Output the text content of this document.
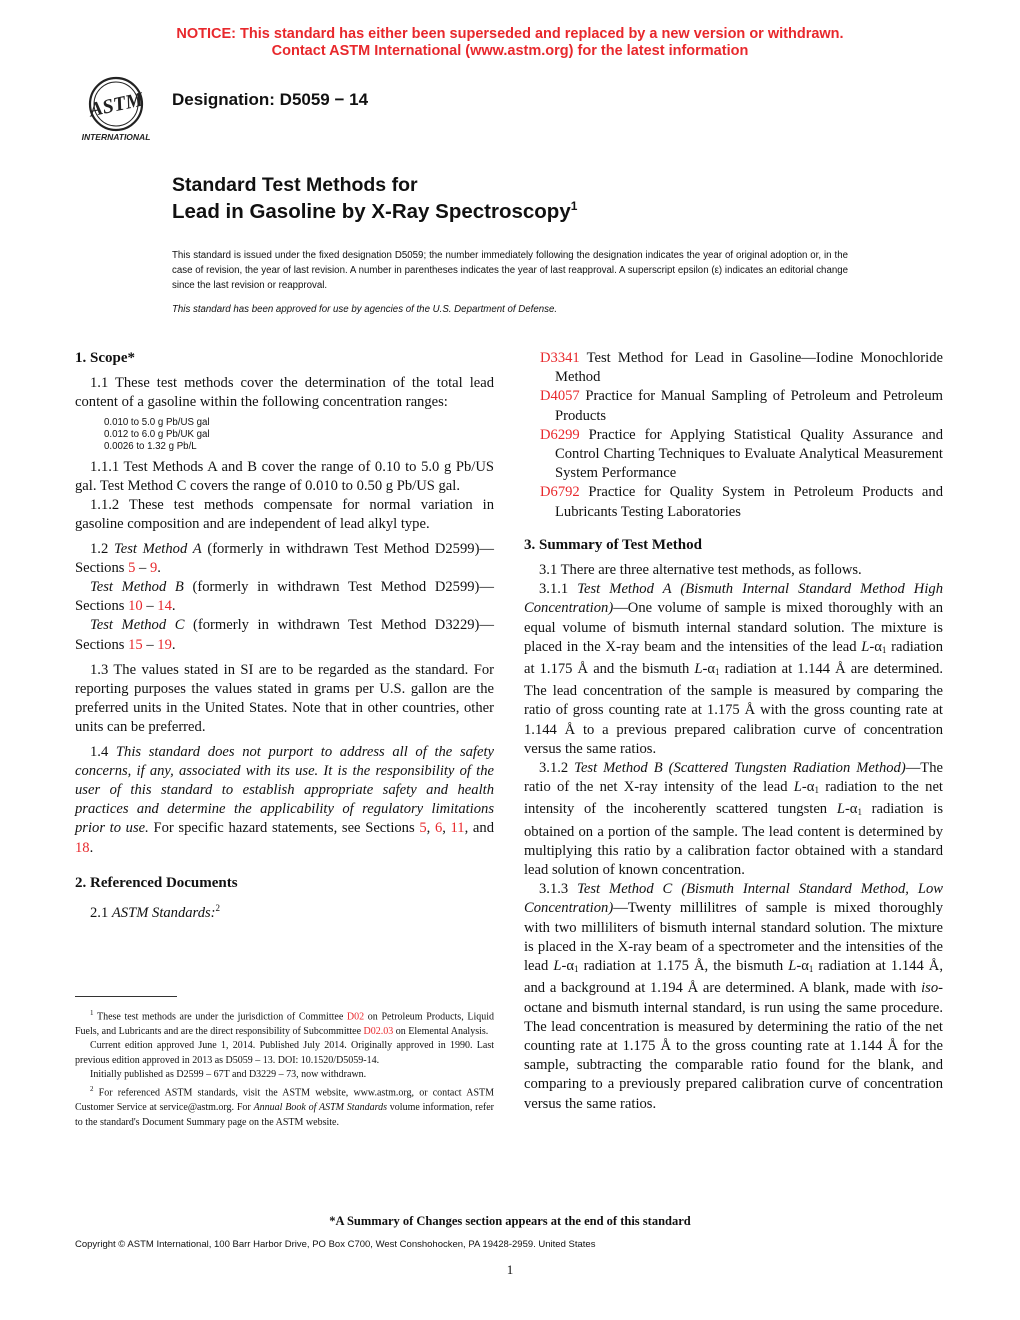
NOTICE: This standard has either been superseded and replaced by a new version or withdrawn.
Contact ASTM International (www.astm.org) for the latest information
ASTM
INTERNATIONAL
Designation: D5059 − 14
Standard Test Methods for
Lead in Gasoline by X-Ray Spectroscopy$^1$
This standard is issued under the fixed designation D5059; the number immediately following the designation indicates the year of original adoption or, in the case of revision, the year of last revision. A number in parentheses indicates the year of last reapproval. A superscript epsilon (ε) indicates an editorial change since the last revision or reapproval.
This standard has been approved for use by agencies of the U.S. Department of Defense.

1. Scope*

1.1 These test methods cover the determination of the total lead content of a gasoline within the following concentration ranges:

0.010 to 5.0 g Pb/US gal
0.012 to 6.0 g Pb/UK gal
0.0026 to 1.32 g Pb/L

1.1.1 Test Methods A and B cover the range of 0.10 to 5.0 g Pb/US gal. Test Method C covers the range of 0.010 to 0.50 g Pb/US gal.

1.1.2 These test methods compensate for normal variation in gasoline composition and are independent of lead alkyl type.

1.2 Test Method A (formerly in withdrawn Test Method D2599)—Sections 5 – 9.

Test Method B (formerly in withdrawn Test Method D2599)—Sections 10 – 14.

Test Method C (formerly in withdrawn Test Method D3229)—Sections 15 – 19.

1.3 The values stated in SI are to be regarded as the standard. For reporting purposes the values stated in grams per U.S. gallon are the preferred units in the United States. Note that in other countries, other units can be preferred.

1.4 This standard does not purport to address all of the safety concerns, if any, associated with its use. It is the responsibility of the user of this standard to establish appropriate safety and health practices and determine the applicability of regulatory limitations prior to use. For specific hazard statements, see Sections 5, 6, 11, and 18.

2. Referenced Documents

2.1 ASTM Standards:$^2$

$^1$ These test methods are under the jurisdiction of Committee D02 on Petroleum Products, Liquid Fuels, and Lubricants and are the direct responsibility of Subcommittee D02.03 on Elemental Analysis.
Current edition approved June 1, 2014. Published July 2014. Originally approved in 1990. Last previous edition approved in 2013 as D5059 – 13. DOI: 10.1520/D5059-14.
Initially published as D2599 – 67T and D3229 – 73, now withdrawn.
$^2$ For referenced ASTM standards, visit the ASTM website, www.astm.org, or contact ASTM Customer Service at service@astm.org. For Annual Book of ASTM Standards volume information, refer to the standard's Document Summary page on the ASTM website.

D3341 Test Method for Lead in Gasoline—Iodine Monochloride Method

D4057 Practice for Manual Sampling of Petroleum and Petroleum Products

D6299 Practice for Applying Statistical Quality Assurance and Control Charting Techniques to Evaluate Analytical Measurement System Performance

D6792 Practice for Quality System in Petroleum Products and Lubricants Testing Laboratories

3. Summary of Test Method

3.1 There are three alternative test methods, as follows.

3.1.1 Test Method A (Bismuth Internal Standard Method High Concentration)—One volume of sample is mixed thoroughly with an equal volume of bismuth internal standard solution. The mixture is placed in the X-ray beam and the intensities of the lead $L-\alpha_1$ radiation at 1.175 Å and the bismuth $L-\alpha_1$ radiation at 1.144 Å are determined. The lead concentration of the sample is measured by comparing the ratio of gross counting rate at 1.175 Å with the gross counting rate at 1.144 Å to a previous prepared calibration curve of concentration versus the same ratios.

3.1.2 Test Method B (Scattered Tungsten Radiation Method)—The ratio of the net X-ray intensity of the lead $L-\alpha_1$ radiation to the net intensity of the incoherently scattered tungsten $L-\alpha_1$ radiation is obtained on a portion of the sample. The lead content is determined by multiplying this ratio by a calibration factor obtained with a standard lead solution of known concentration.

3.1.3 Test Method C (Bismuth Internal Standard Method, Low Concentration)—Twenty millilitres of sample is mixed thoroughly with two milliliters of bismuth internal standard solution. The mixture is placed in the X-ray beam of a spectrometer and the intensities of the lead $L-\alpha_1$ radiation at 1.175 Å, the bismuth $L-\alpha_1$ radiation at 1.144 Å, and a background at 1.194 Å are determined. A blank, made with iso-octane and bismuth internal standard, is run using the same procedure. The lead concentration is measured by determining the ratio of the net counting rate at 1.175 Å to the gross counting rate at 1.144 Å for the sample, subtracting the comparable ratio found for the blank, and comparing to a previously prepared calibration curve of concentration versus the same ratios.

*A Summary of Changes section appears at the end of this standard
Copyright © ASTM International, 100 Barr Harbor Drive, PO Box C700, West Conshohocken, PA 19428-2959. United States
1
